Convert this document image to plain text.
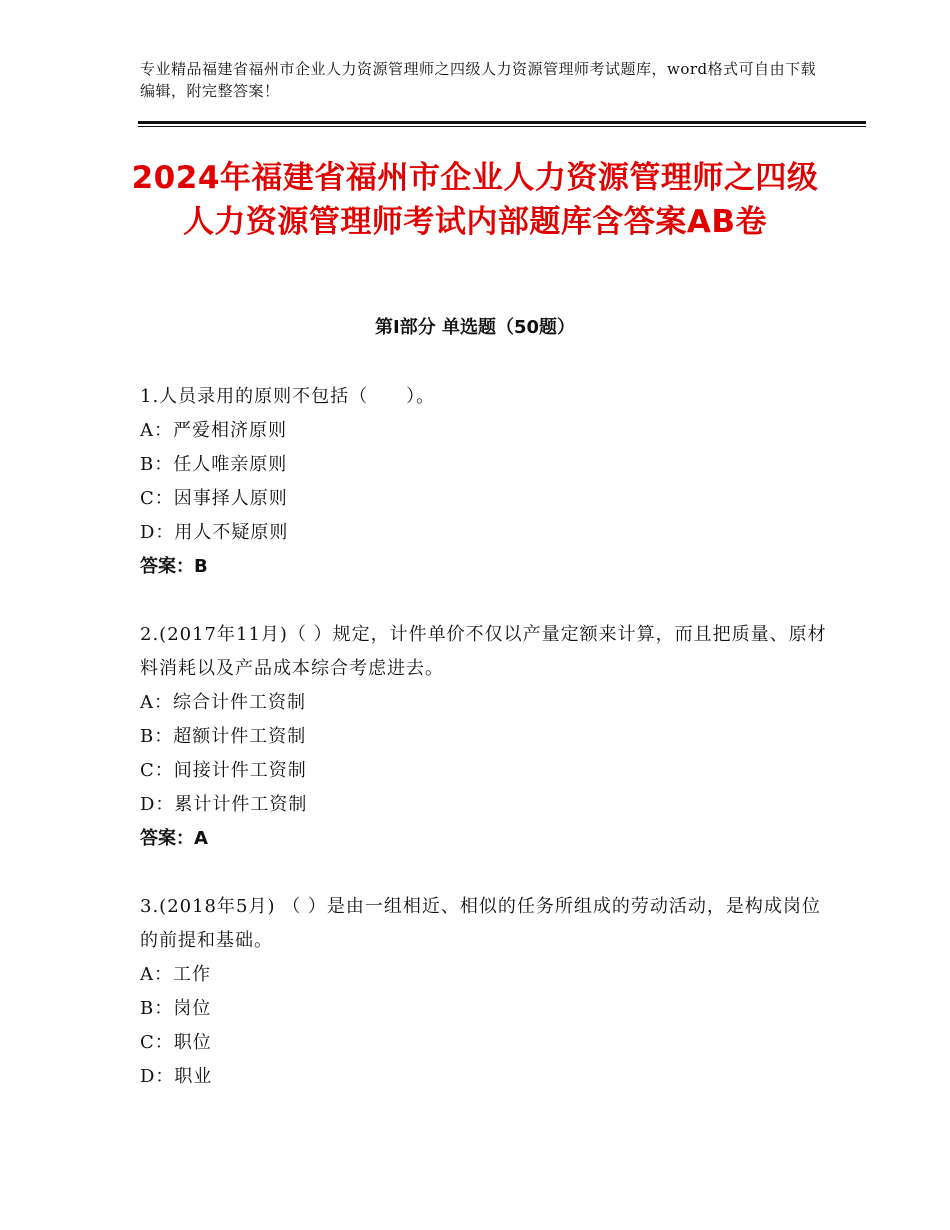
专业精品福建省福州市企业人力资源管理师之四级人力资源管理师考试题库，word格式可自由下载编辑，附完整答案！
2024年福建省福州市企业人力资源管理师之四级人力资源管理师考试内部题库含答案AB卷
第Ⅰ部分 单选题（50题）
1.人员录用的原则不包括（　　）。
A：严爱相济原则
B：任人唯亲原则
C：因事择人原则
D：用人不疑原则
答案：B
2.(2017年11月)（ ）规定，计件单价不仅以产量定额来计算，而且把质量、原材料消耗以及产品成本综合考虑进去。
A：综合计件工资制
B：超额计件工资制
C：间接计件工资制
D：累计计件工资制
答案：A
3.(2018年5月) （ ）是由一组相近、相似的任务所组成的劳动活动，是构成岗位的前提和基础。
A：工作
B：岗位
C：职位
D：职业
